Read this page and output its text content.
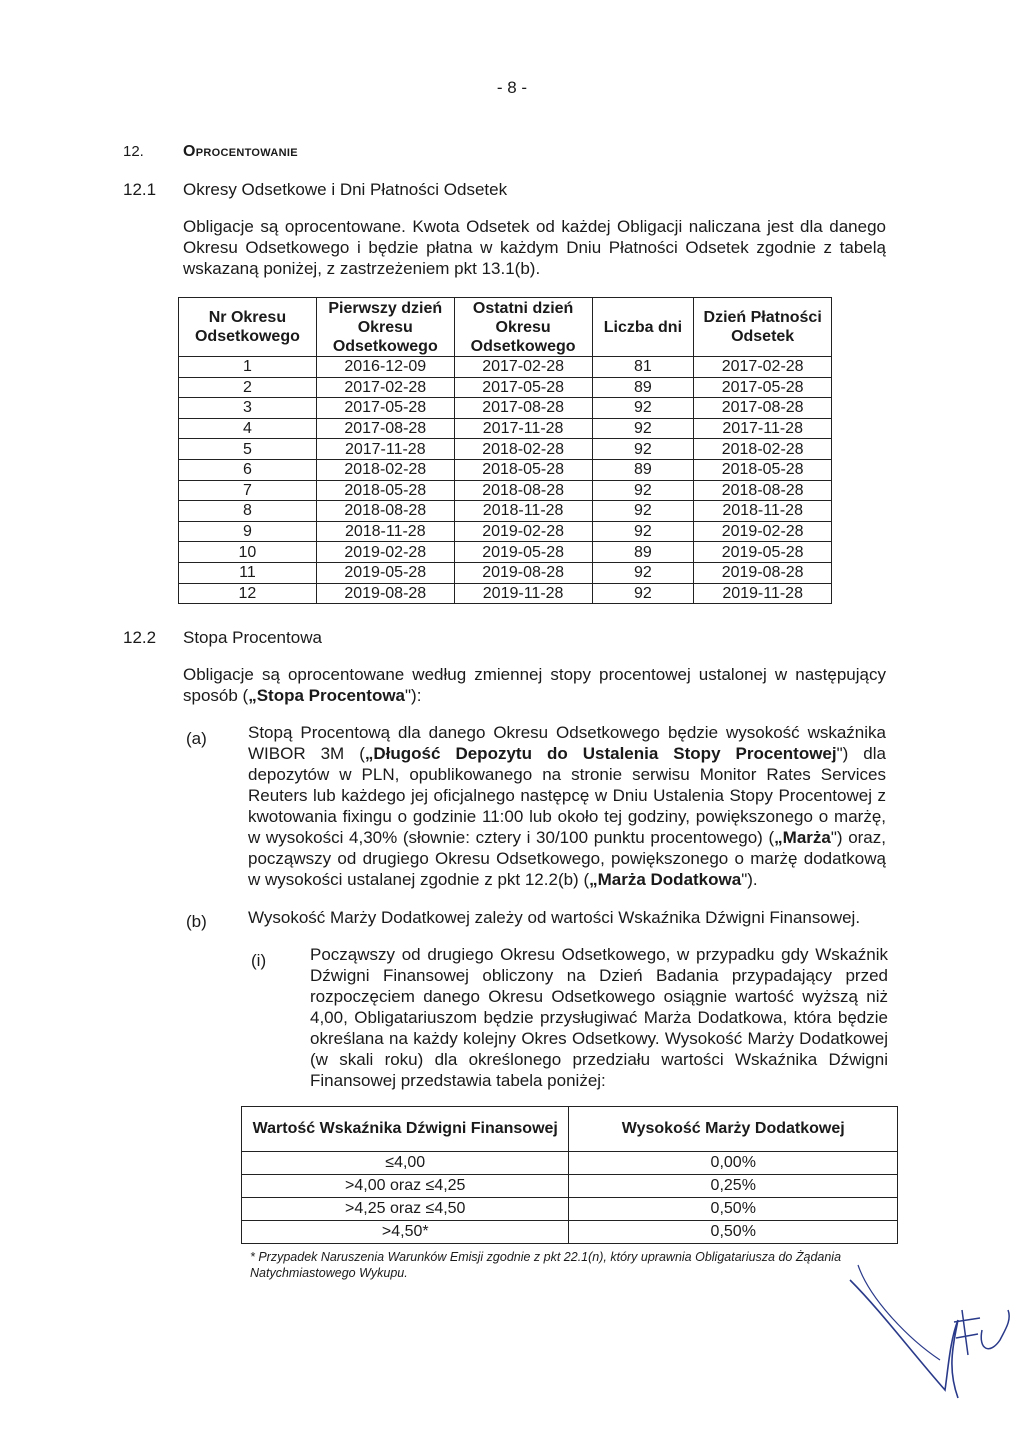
- 8 -
12. Oprocentowanie
12.1 Okresy Odsetkowe i Dni Płatności Odsetek
Obligacje są oprocentowane. Kwota Odsetek od każdej Obligacji naliczana jest dla danego Okresu Odsetkowego i będzie płatna w każdym Dniu Płatności Odsetek zgodnie z tabelą wskazaną poniżej, z zastrzeżeniem pkt 13.1(b).
Nr Okresu Odsetkowego	Pierwszy dzień Okresu Odsetkowego	Ostatni dzień Okresu Odsetkowego	Liczba dni	Dzień Płatności Odsetek
1	2016-12-09	2017-02-28	81	2017-02-28
2	2017-02-28	2017-05-28	89	2017-05-28
3	2017-05-28	2017-08-28	92	2017-08-28
4	2017-08-28	2017-11-28	92	2017-11-28
5	2017-11-28	2018-02-28	92	2018-02-28
6	2018-02-28	2018-05-28	89	2018-05-28
7	2018-05-28	2018-08-28	92	2018-08-28
8	2018-08-28	2018-11-28	92	2018-11-28
9	2018-11-28	2019-02-28	92	2019-02-28
10	2019-02-28	2019-05-28	89	2019-05-28
11	2019-05-28	2019-08-28	92	2019-08-28
12	2019-08-28	2019-11-28	92	2019-11-28
12.2 Stopa Procentowa
Obligacje są oprocentowane według zmiennej stopy procentowej ustalonej w następujący sposób („Stopa Procentowa"):
(a) Stopą Procentową dla danego Okresu Odsetkowego będzie wysokość wskaźnika WIBOR 3M („Długość Depozytu do Ustalenia Stopy Procentowej") dla depozytów w PLN, opublikowanego na stronie serwisu Monitor Rates Services Reuters lub każdego jej oficjalnego następcę w Dniu Ustalenia Stopy Procentowej z kwotowania fixingu o godzinie 11:00 lub około tej godziny, powiększonego o marżę, w wysokości 4,30% (słownie: cztery i 30/100 punktu procentowego) („Marża") oraz, począwszy od drugiego Okresu Odsetkowego, powiększonego o marżę dodatkową w wysokości ustalanej zgodnie z pkt 12.2(b) („Marża Dodatkowa").
(b) Wysokość Marży Dodatkowej zależy od wartości Wskaźnika Dźwigni Finansowej.
(i)	Począwszy od drugiego Okresu Odsetkowego, w przypadku gdy Wskaźnik Dźwigni Finansowej obliczony na Dzień Badania przypadający przed rozpoczęciem danego Okresu Odsetkowego osiągnie wartość wyższą niż 4,00, Obligatariuszom będzie przysługiwać Marża Dodatkowa, która będzie określana na każdy kolejny Okres Odsetkowy. Wysokość Marży Dodatkowej (w skali roku) dla określonego przedziału wartości Wskaźnika Dźwigni Finansowej przedstawia tabela poniżej:
Wartość Wskaźnika Dźwigni Finansowej	Wysokość Marży Dodatkowej
≤4,00	0,00%
>4,00 oraz ≤4,25	0,25%
>4,25 oraz ≤4,50	0,50%
>4,50*	0,50%
* Przypadek Naruszenia Warunków Emisji zgodnie z pkt 22.1(n), który uprawnia Obligatariusza do Żądania Natychmiastowego Wykupu.
